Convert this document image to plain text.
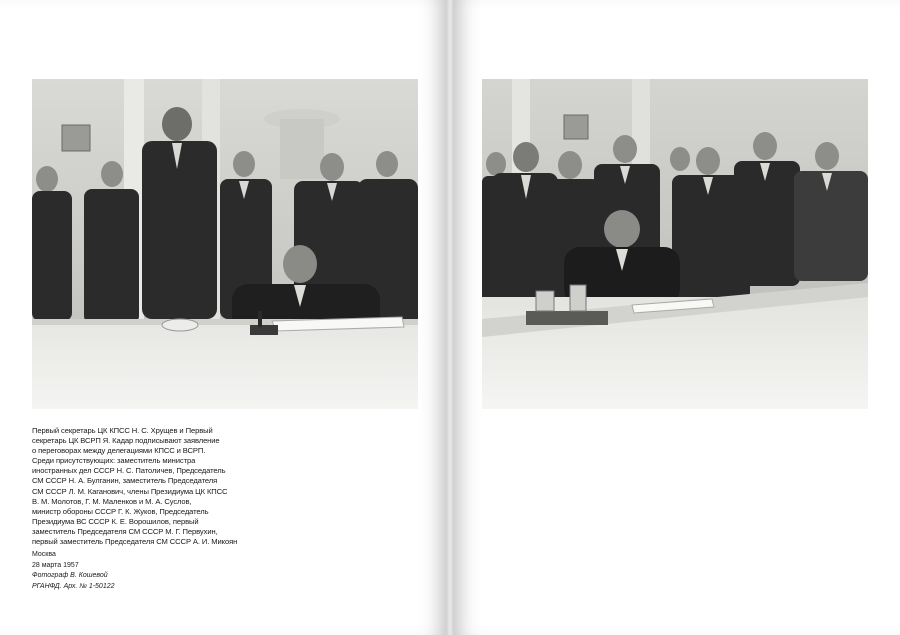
Первый секретарь ЦК КПСС Н. С. Хрущев и Первый
секретарь ЦК ВСРП Я. Кадар подписывают заявление
о переговорах между делегациями КПСС и ВСРП.
Среди присутствующих: заместитель министра
иностранных дел СССР Н. С. Патоличев, Председатель
СМ СССР Н. А. Булганин, заместитель Председателя
СМ СССР Л. М. Каганович, члены Президиума ЦК КПСС
В. М. Молотов, Г. М. Маленков и М. А. Суслов,
министр обороны СССР Г. К. Жуков, Председатель
Президиума ВС СССР К. Е. Ворошилов, первый
заместитель Председателя СМ СССР М. Г. Первухин,
первый заместитель Председателя СМ СССР А. И. Микоян
Москва
28 марта 1957
Фотограф В. Кошевой
РГАНФД. Арх. № 1-50122
